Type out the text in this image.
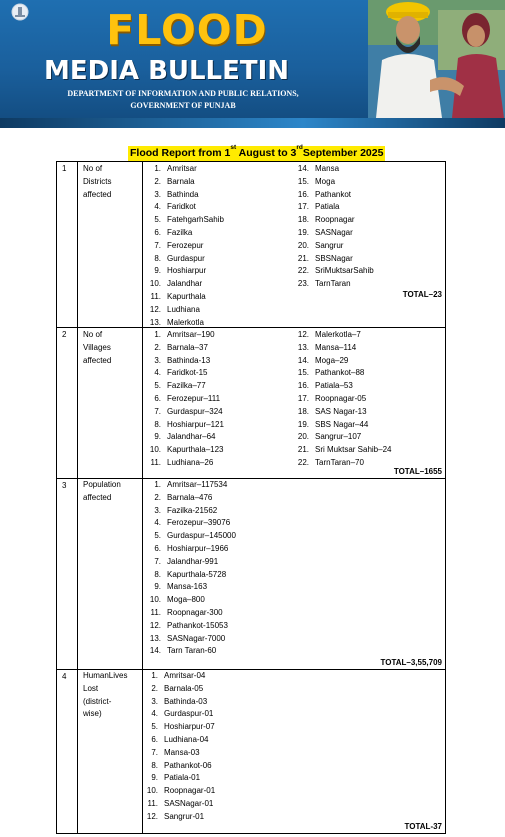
FLOOD
MEDIA BULLETIN
DEPARTMENT OF INFORMATION AND PUBLIC RELATIONS,
GOVERNMENT OF PUNJAB
Flood Report from 1st August to 3rdSeptember 2025
1 No of Districts affected
1. Amritsar
2. Barnala
3. Bathinda
4. Faridkot
5. FatehgarhSahib
6. Fazilka
7. Ferozepur
8. Gurdaspur
9. Hoshiarpur
10. Jalandhar
11. Kapurthala
12. Ludhiana
13. Malerkotla
14. Mansa
15. Moga
16. Pathankot
17. Patiala
18. Roopnagar
19. SASNagar
20. Sangrur
21. SBSNagar
22. SriMuktsarSahib
23. TarnTaran
TOTAL–23
2 No of Villages affected
1. Amritsar–190
2. Barnala–37
3. Bathinda-13
4. Faridkot-15
5. Fazilka–77
6. Ferozepur–111
7. Gurdaspur–324
8. Hoshiarpur–121
9. Jalandhar–64
10. Kapurthala–123
11. Ludhiana–26
12. Malerkotla–7
13. Mansa–114
14. Moga–29
15. Pathankot–88
16. Patiala–53
17. Roopnagar-05
18. SAS Nagar-13
19. SBS Nagar–44
20. Sangrur–107
21. Sri Muktsar Sahib–24
22. TarnTaran–70
TOTAL–1655
3 Population affected
1. Amritsar–117534
2. Barnala–476
3. Fazilka-21562
4. Ferozepur–39076
5. Gurdaspur–145000
6. Hoshiarpur–1966
7. Jalandhar-991
8. Kapurthala-5728
9. Mansa-163
10. Moga–800
11. Roopnagar-300
12. Pathankot-15053
13. SASNagar-7000
14. Tarn Taran-60
TOTAL–3,55,709
4 HumanLives Lost (district-wise)
1. Amritsar-04
2. Barnala-05
3. Bathinda-03
4. Gurdaspur-01
5. Hoshiarpur-07
6. Ludhiana-04
7. Mansa-03
8. Pathankot-06
9. Patiala-01
10. Roopnagar-01
11. SASNagar-01
12. Sangrur-01
TOTAL-37
